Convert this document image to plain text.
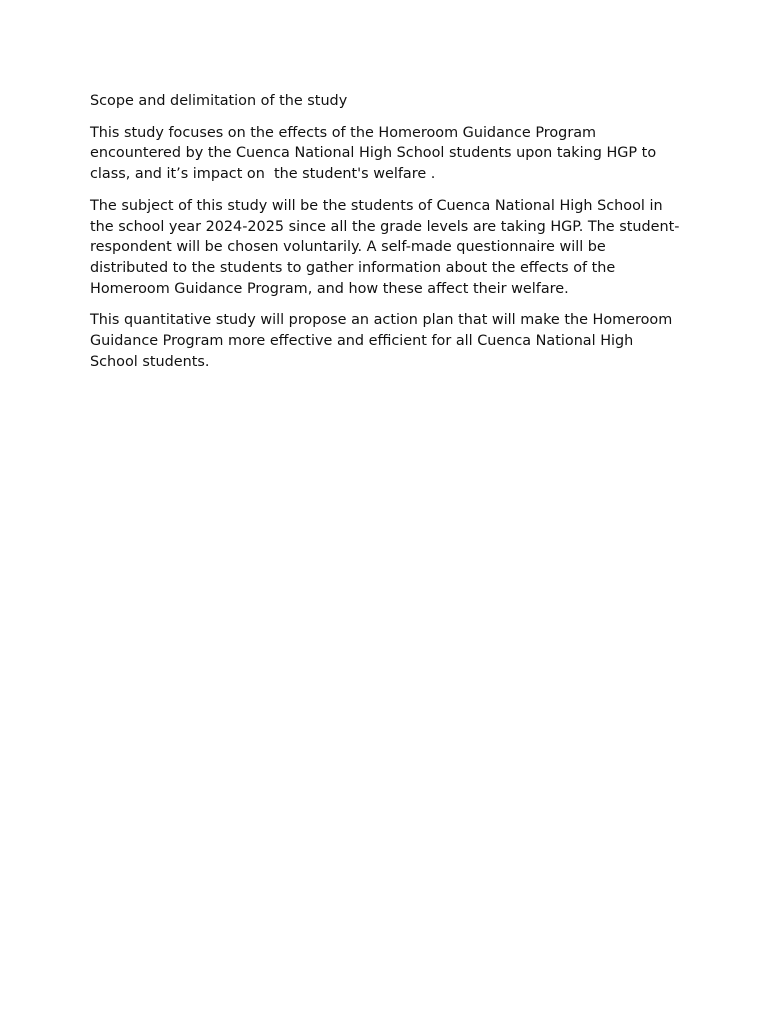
Scope and delimitation of the study

This study focuses on the effects of the Homeroom Guidance Program encountered by the Cuenca National High School students upon taking HGP to class, and it’s impact on  the student's welfare .

The subject of this study will be the students of Cuenca National High School in the school year 2024-2025 since all the grade levels are taking HGP. The student-respondent will be chosen voluntarily. A self-made questionnaire will be distributed to the students to gather information about the effects of the Homeroom Guidance Program, and how these affect their welfare.

This quantitative study will propose an action plan that will make the Homeroom Guidance Program more effective and efficient for all Cuenca National High School students.
